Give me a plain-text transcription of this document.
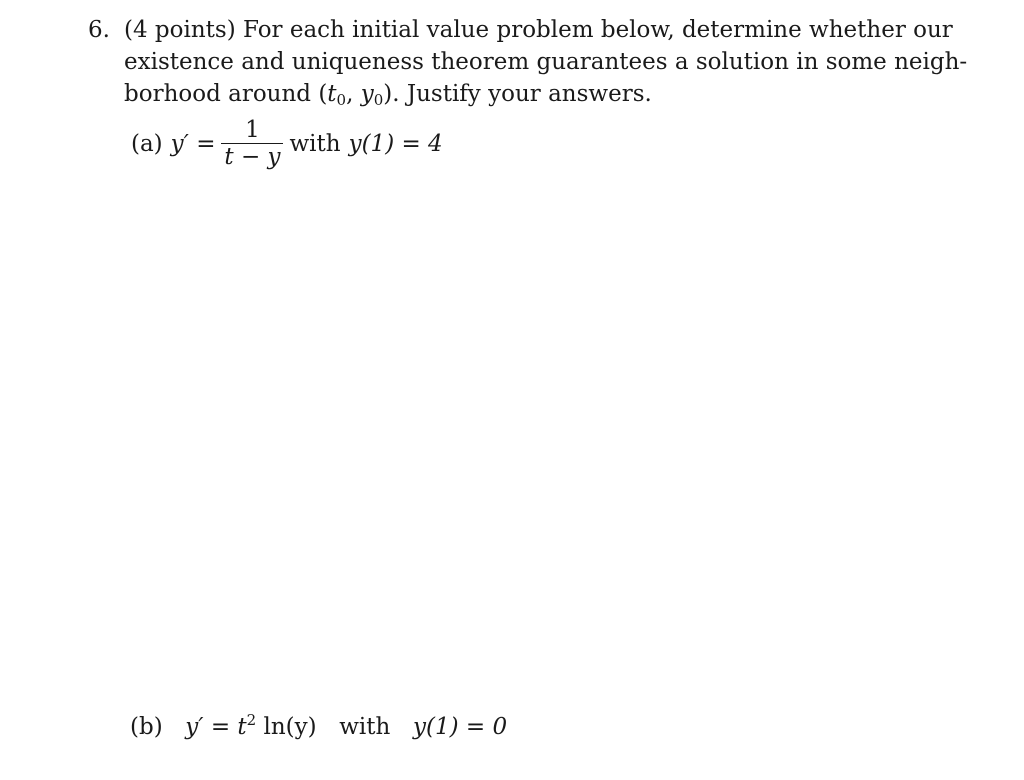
6. (4 points) For each initial value problem below, determine whether our
existence and uniqueness theorem guarantees a solution in some neigh-
borhood around ($t_0$, $y_0$). Justify your answers.
(a) $y' = \frac{1}{t - y}$ with y(1) = 4
(b) $y' = t^2$ ln(y) with y(1) = 0
